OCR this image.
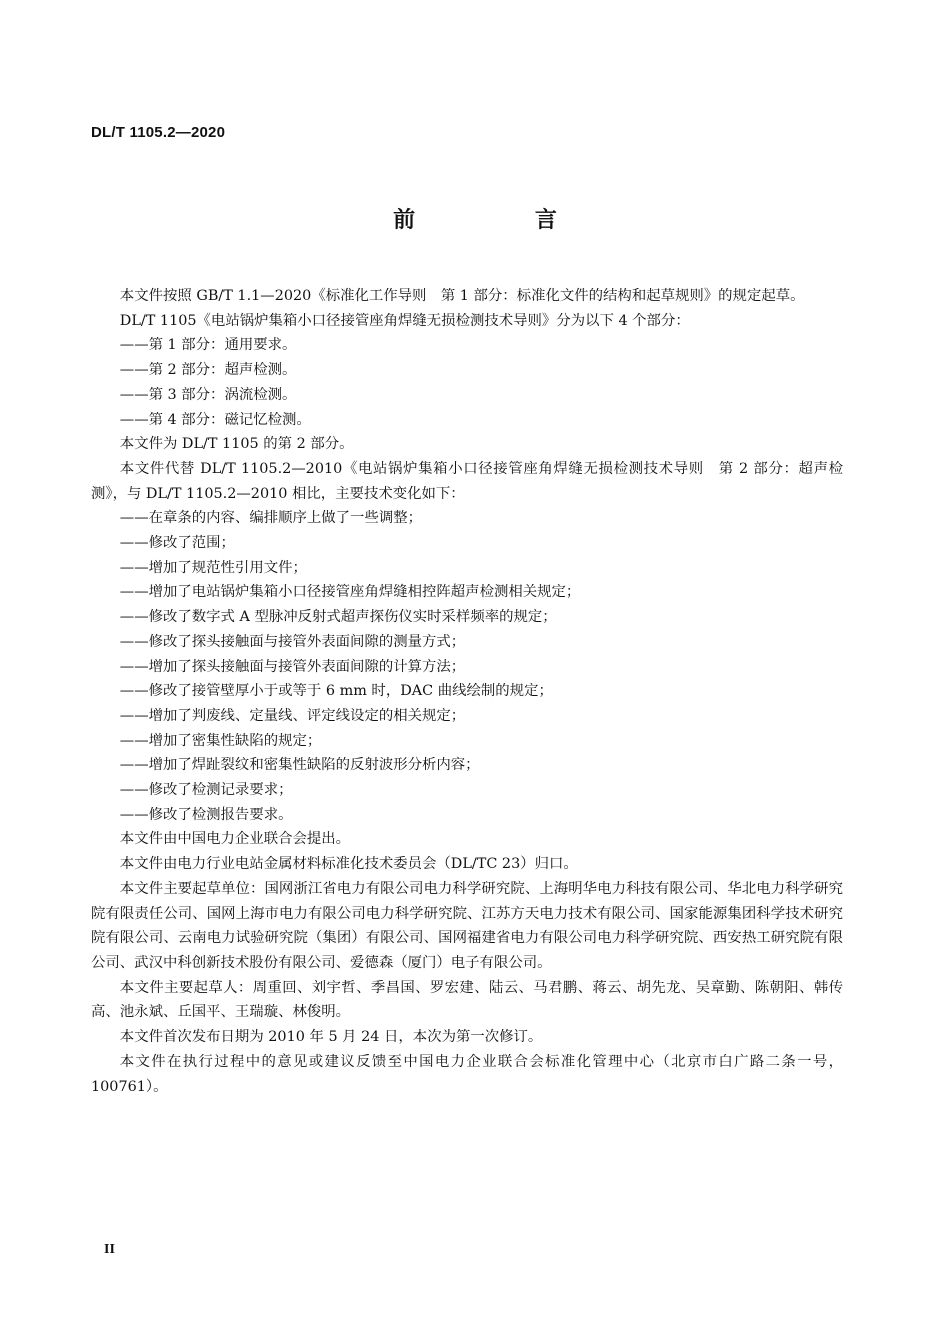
DL/T 1105.2—2020
前 言

本文件按照 GB/T 1.1—2020《标准化工作导则　第 1 部分：标准化文件的结构和起草规则》的规定起草。

DL/T 1105《电站锅炉集箱小口径接管座角焊缝无损检测技术导则》分为以下 4 个部分：

——第 1 部分：通用要求。

——第 2 部分：超声检测。

——第 3 部分：涡流检测。

——第 4 部分：磁记忆检测。

本文件为 DL/T 1105 的第 2 部分。

本文件代替 DL/T 1105.2—2010《电站锅炉集箱小口径接管座角焊缝无损检测技术导则　第 2 部分：超声检测》，与 DL/T 1105.2—2010 相比，主要技术变化如下：

——在章条的内容、编排顺序上做了一些调整；

——修改了范围；

——增加了规范性引用文件；

——增加了电站锅炉集箱小口径接管座角焊缝相控阵超声检测相关规定；

——修改了数字式 A 型脉冲反射式超声探伤仪实时采样频率的规定；

——修改了探头接触面与接管外表面间隙的测量方式；

——增加了探头接触面与接管外表面间隙的计算方法；

——修改了接管壁厚小于或等于 6 mm 时，DAC 曲线绘制的规定；

——增加了判废线、定量线、评定线设定的相关规定；

——增加了密集性缺陷的规定；

——增加了焊趾裂纹和密集性缺陷的反射波形分析内容；

——修改了检测记录要求；

——修改了检测报告要求。

本文件由中国电力企业联合会提出。

本文件由电力行业电站金属材料标准化技术委员会（DL/TC 23）归口。

本文件主要起草单位：国网浙江省电力有限公司电力科学研究院、上海明华电力科技有限公司、华北电力科学研究院有限责任公司、国网上海市电力有限公司电力科学研究院、江苏方天电力技术有限公司、国家能源集团科学技术研究院有限公司、云南电力试验研究院（集团）有限公司、国网福建省电力有限公司电力科学研究院、西安热工研究院有限公司、武汉中科创新技术股份有限公司、爱德森（厦门）电子有限公司。

本文件主要起草人：周重回、刘宇哲、季昌国、罗宏建、陆云、马君鹏、蒋云、胡先龙、吴章勤、陈朝阳、韩传高、池永斌、丘国平、王瑞璇、林俊明。

本文件首次发布日期为 2010 年 5 月 24 日，本次为第一次修订。

本文件在执行过程中的意见或建议反馈至中国电力企业联合会标准化管理中心（北京市白广路二条一号，100761）。

II
